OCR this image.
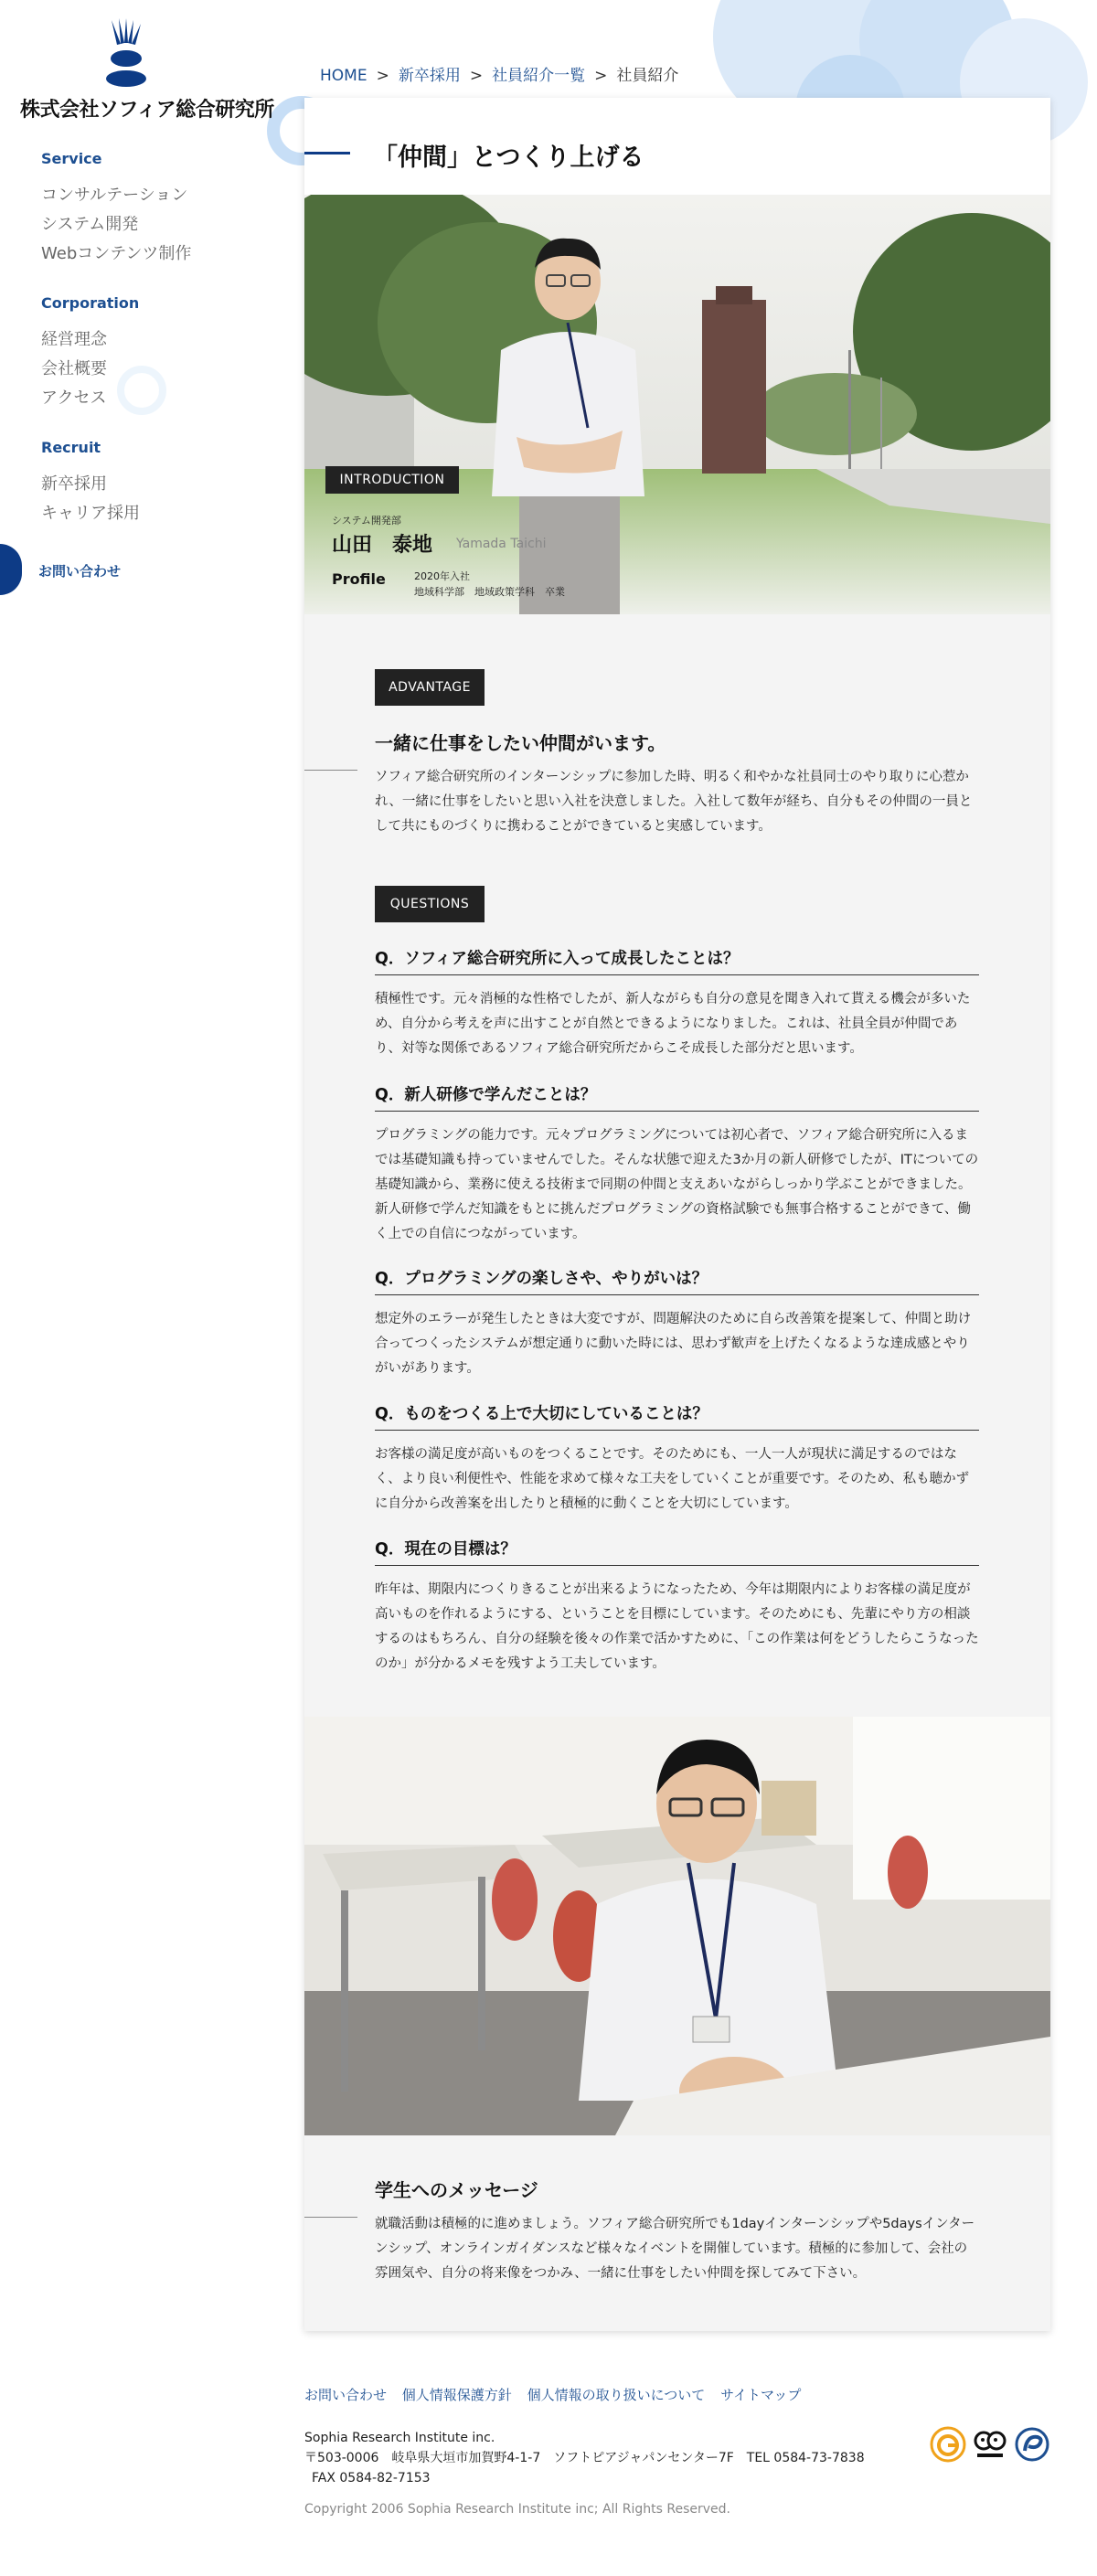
株式会社ソフィア総合研究所
Service
コンサルテーション
システム開発
Webコンテンツ制作
Corporation
経営理念
会社概要
アクセス
Recruit
新卒採用
キャリア採用
お問い合わせ
HOME > 新卒採用 > 社員紹介一覧 > 社員紹介
「仲間」とつくり上げる
INTRODUCTION
システム開発部
山田　泰地 Yamada Taichi
Profile	2020年入社
地域科学部　地域政策学科　卒業
ADVANTAGE
一緒に仕事をしたい仲間がいます。

ソフィア総合研究所のインターンシップに参加した時、明るく和やかな社員同士のやり取りに心惹かれ、一緒に仕事をしたいと思い入社を決意しました。入社して数年が経ち、自分もその仲間の一員として共にものづくりに携わることができていると実感しています。

QUESTIONS
Q．ソフィア総合研究所に入って成長したことは？

積極性です。元々消極的な性格でしたが、新人ながらも自分の意見を聞き入れて貰える機会が多いため、自分から考えを声に出すことが自然とできるようになりました。これは、社員全員が仲間であり、対等な関係であるソフィア総合研究所だからこそ成長した部分だと思います。

Q．新人研修で学んだことは？

プログラミングの能力です。元々プログラミングについては初心者で、ソフィア総合研究所に入るまでは基礎知識も持っていませんでした。そんな状態で迎えた3か月の新人研修でしたが、ITについての基礎知識から、業務に使える技術まで同期の仲間と支えあいながらしっかり学ぶことができました。新人研修で学んだ知識をもとに挑んだプログラミングの資格試験でも無事合格することができて、働く上での自信につながっています。

Q．プログラミングの楽しさや、やりがいは？

想定外のエラーが発生したときは大変ですが、問題解決のために自ら改善策を提案して、仲間と助け合ってつくったシステムが想定通りに動いた時には、思わず歓声を上げたくなるような達成感とやりがいがあります。

Q．ものをつくる上で大切にしていることは？

お客様の満足度が高いものをつくることです。そのためにも、一人一人が現状に満足するのではなく、より良い利便性や、性能を求めて様々な工夫をしていくことが重要です。そのため、私も聴かずに自分から改善案を出したりと積極的に動くことを大切にしています。

Q．現在の目標は？

昨年は、期限内につくりきることが出来るようになったため、今年は期限内によりお客様の満足度が高いものを作れるようにする、ということを目標にしています。そのためにも、先輩にやり方の相談するのはもちろん、自分の経験を後々の作業で活かすために、「この作業は何をどうしたらこうなったのか」が分かるメモを残すよう工夫しています。

学生へのメッセージ

就職活動は積極的に進めましょう。ソフィア総合研究所でも1dayインターンシップや5daysインターンシップ、オンラインガイダンスなど様々なイベントを開催しています。積極的に参加して、会社の雰囲気や、自分の将来像をつかみ、一緒に仕事をしたい仲間を探してみて下さい。

お問い合わせ 個人情報保護方針 個人情報の取り扱いについて サイトマップ
Sophia Research Institute inc.
〒503-0006　岐阜県大垣市加賀野4-1-7　ソフトピアジャパンセンター7F　TEL 0584-73-7838
FAX 0584-82-7153
Copyright 2006 Sophia Research Institute inc; All Rights Reserved.
